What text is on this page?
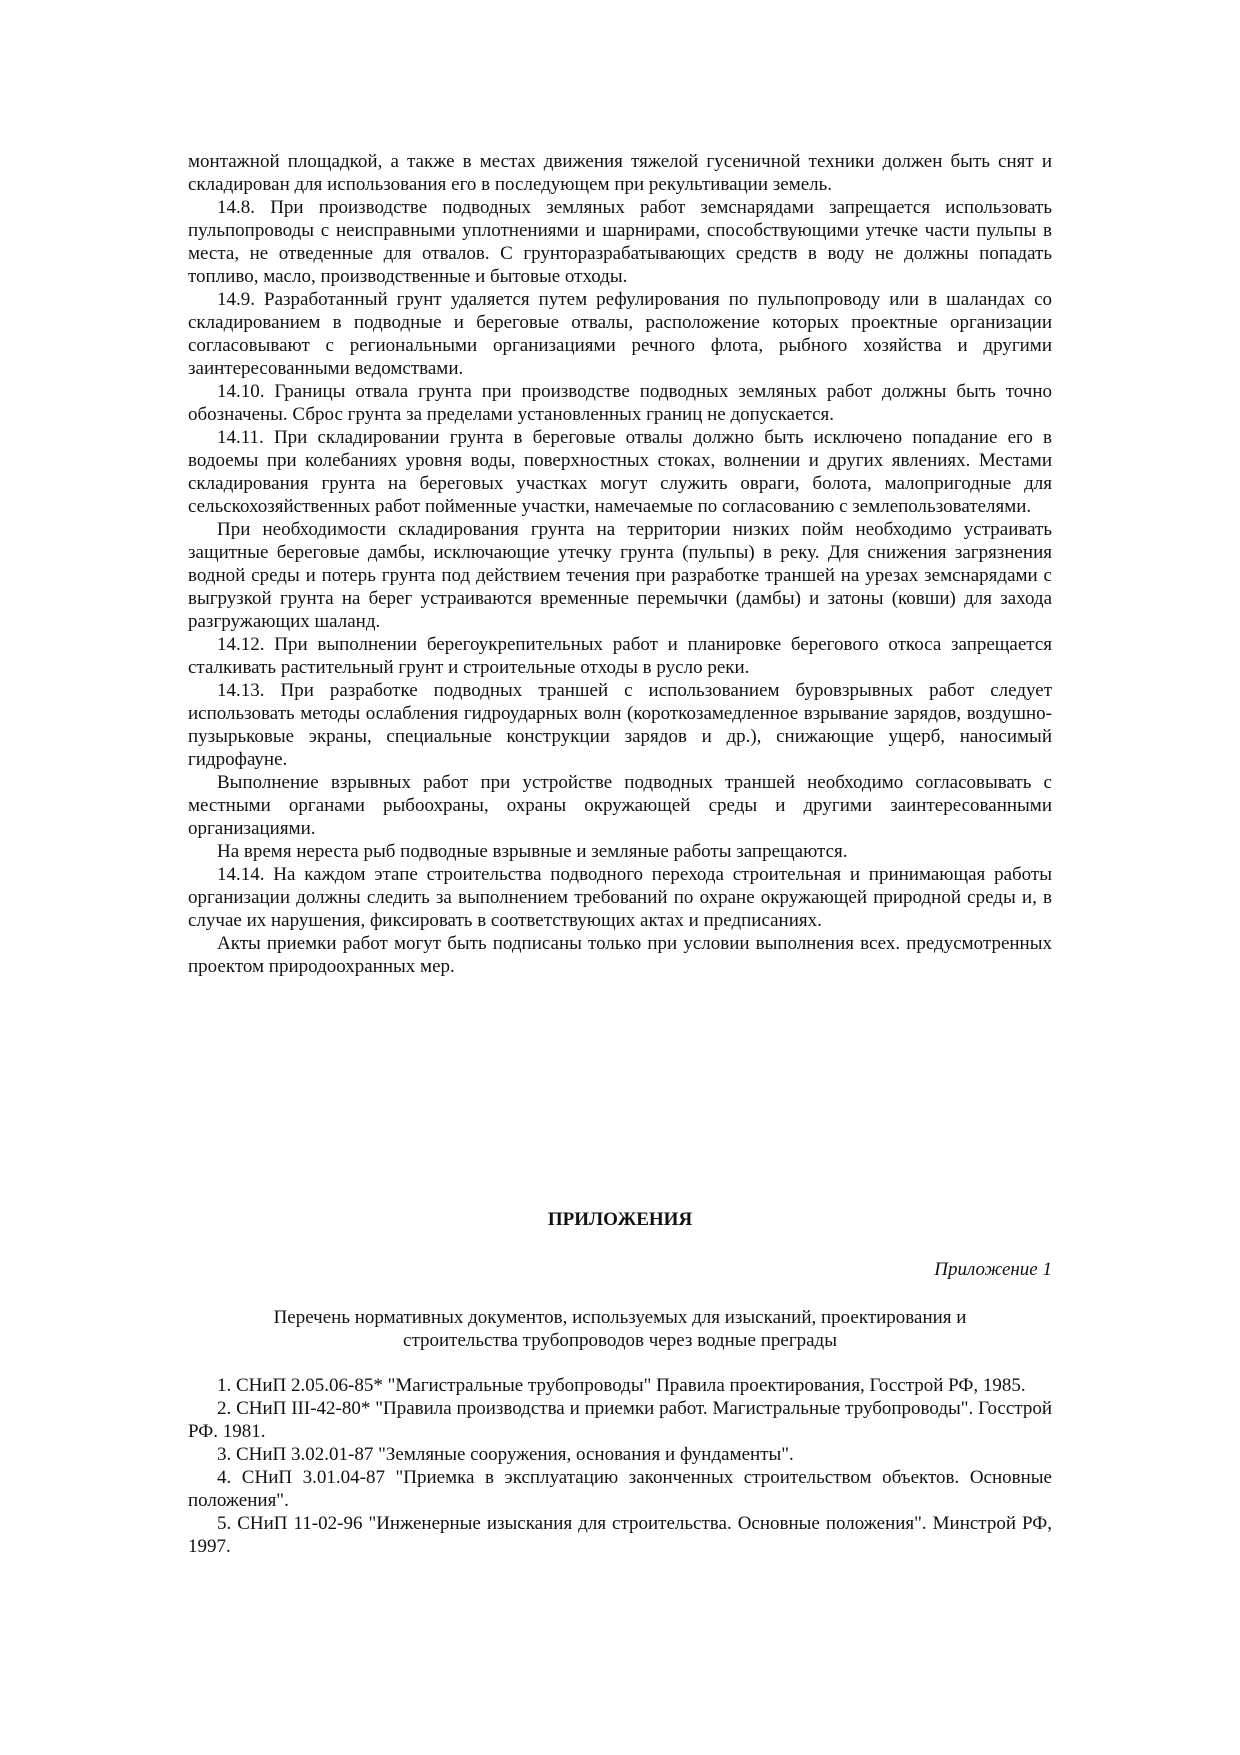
монтажной площадкой, а также в местах движения тяжелой гусеничной техники должен быть снят и складирован для использования его в последующем при рекультивации земель.

14.8. При производстве подводных земляных работ земснарядами запрещается использовать пульпопроводы с неисправными уплотнениями и шарнирами, способствующими утечке части пульпы в места, не отведенные для отвалов. С грунторазрабатывающих средств в воду не должны попадать топливо, масло, производственные и бытовые отходы.

14.9. Разработанный грунт удаляется путем рефулирования по пульпопроводу или в шаландах со складированием в подводные и береговые отвалы, расположение которых проектные организации согласовывают с региональными организациями речного флота, рыбного хозяйства и другими заинтересованными ведомствами.

14.10. Границы отвала грунта при производстве подводных земляных работ должны быть точно обозначены. Сброс грунта за пределами установленных границ не допускается.

14.11. При складировании грунта в береговые отвалы должно быть исключено попадание его в водоемы при колебаниях уровня воды, поверхностных стоках, волнении и других явлениях. Местами складирования грунта на береговых участках могут служить овраги, болота, малопригодные для сельскохозяйственных работ пойменные участки, намечаемые по согласованию с землепользователями.

При необходимости складирования грунта на территории низких пойм необходимо устраивать защитные береговые дамбы, исключающие утечку грунта (пульпы) в реку. Для снижения загрязнения водной среды и потерь грунта под действием течения при разработке траншей на урезах земснарядами с выгрузкой грунта на берег устраиваются временные перемычки (дамбы) и затоны (ковши) для захода разгружающих шаланд.

14.12. При выполнении берегоукрепительных работ и планировке берегового откоса запрещается сталкивать растительный грунт и строительные отходы в русло реки.

14.13. При разработке подводных траншей с использованием буровзрывных работ следует использовать методы ослабления гидроударных волн (короткозамедленное взрывание зарядов, воздушно-пузырьковые экраны, специальные конструкции зарядов и др.), снижающие ущерб, наносимый гидрофауне.

Выполнение взрывных работ при устройстве подводных траншей необходимо согласовывать с местными органами рыбоохраны, охраны окружающей среды и другими заинтересованными организациями.

На время нереста рыб подводные взрывные и земляные работы запрещаются.

14.14. На каждом этапе строительства подводного перехода строительная и принимающая работы организации должны следить за выполнением требований по охране окружающей природной среды и, в случае их нарушения, фиксировать в соответствующих актах и предписаниях.

Акты приемки работ могут быть подписаны только при условии выполнения всех. предусмотренных проектом природоохранных мер.

ПРИЛОЖЕНИЯ
Приложение 1
Перечень нормативных документов, используемых для изысканий, проектирования и
строительства трубопроводов через водные преграды

1. СНиП 2.05.06-85* "Магистральные трубопроводы" Правила проектирования, Госстрой РФ, 1985.

2. СНиП III-42-80* "Правила производства и приемки работ. Магистральные трубопроводы". Госстрой РФ. 1981.

3. СНиП 3.02.01-87 "Земляные сооружения, основания и фундаменты".

4. СНиП 3.01.04-87 "Приемка в эксплуатацию законченных строительством объектов. Основные положения".

5. СНиП 11-02-96 "Инженерные изыскания для строительства. Основные положения". Минстрой РФ, 1997.
